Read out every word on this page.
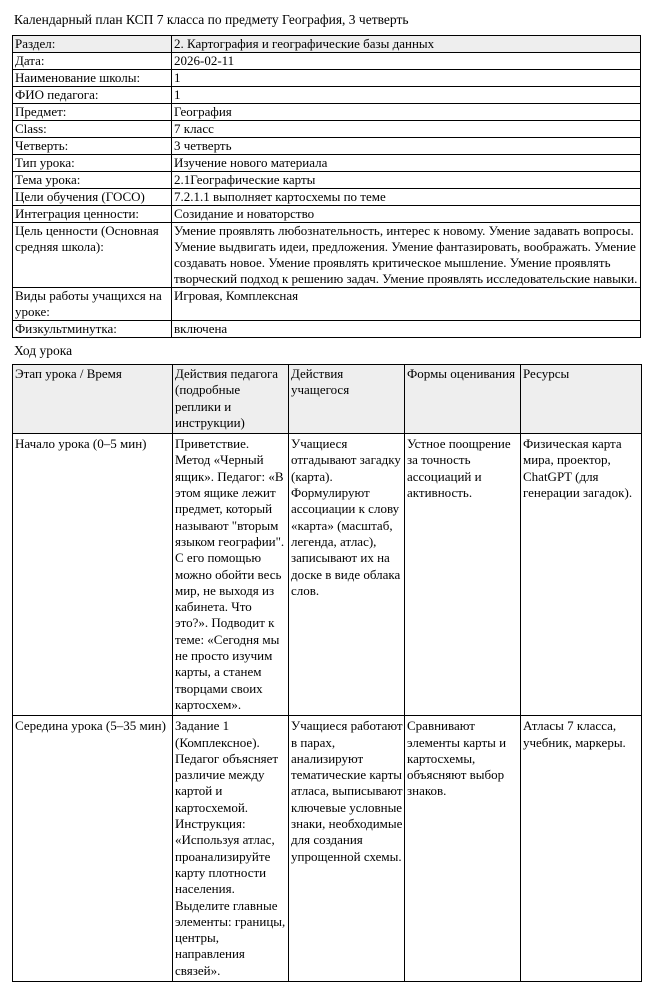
Календарный план КСП 7 класса по предмету География, 3 четверть
Раздел:	2. Картография и географические базы данных
Дата:	2026-02-11
Наименование школы:	1
ФИО педагога:	1
Предмет:	География
Class:	7 класс
Четверть:	3 четверть
Тип урока:	Изучение нового материала
Тема урока:	2.1Географические карты
Цели обучения (ГОСО)	7.2.1.1 выполняет картосхемы по теме
Интеграция ценности:	Созидание и новаторство
Цель ценности (Основная средняя школа):	Умение проявлять любознательность, интерес к новому. Умение задавать вопросы. Умение выдвигать идеи, предложения. Умение фантазировать, воображать. Умение создавать новое. Умение проявлять критическое мышление. Умение проявлять творческий подход к решению задач. Умение проявлять исследовательские навыки.
Виды работы учащихся на уроке:	Игровая, Комплексная
Физкультминутка:	включена
Ход урока
Этап урока / Время	Действия педагога (подробные реплики и инструкции)	Действия учащегося	Формы оценивания	Ресурсы
Начало урока (0–5 мин)	Приветствие. Метод «Черный ящик». Педагог: «В этом ящике лежит предмет, который называют "вторым языком географии". С его помощью можно обойти весь мир, не выходя из кабинета. Что это?». Подводит к теме: «Сегодня мы не просто изучим карты, а станем творцами своих картосхем».	Учащиеся отгадывают загадку (карта). Формулируют ассоциации к слову «карта» (масштаб, легенда, атлас), записывают их на доске в виде облака слов.	Устное поощрение за точность ассоциаций и активность.	Физическая карта мира, проектор, ChatGPT (для генерации загадок).
Середина урока (5–35 мин)	Задание 1 (Комплексное). Педагог объясняет различие между картой и картосхемой. Инструкция: «Используя атлас, проанализируйте карту плотности населения. Выделите главные элементы: границы, центры, направления связей».	Учащиеся работают в парах, анализируют тематические карты атласа, выписывают ключевые условные знаки, необходимые для создания упрощенной схемы.	Сравнивают элементы карты и картосхемы, объясняют выбор знаков.	Атласы 7 класса, учебник, маркеры.
